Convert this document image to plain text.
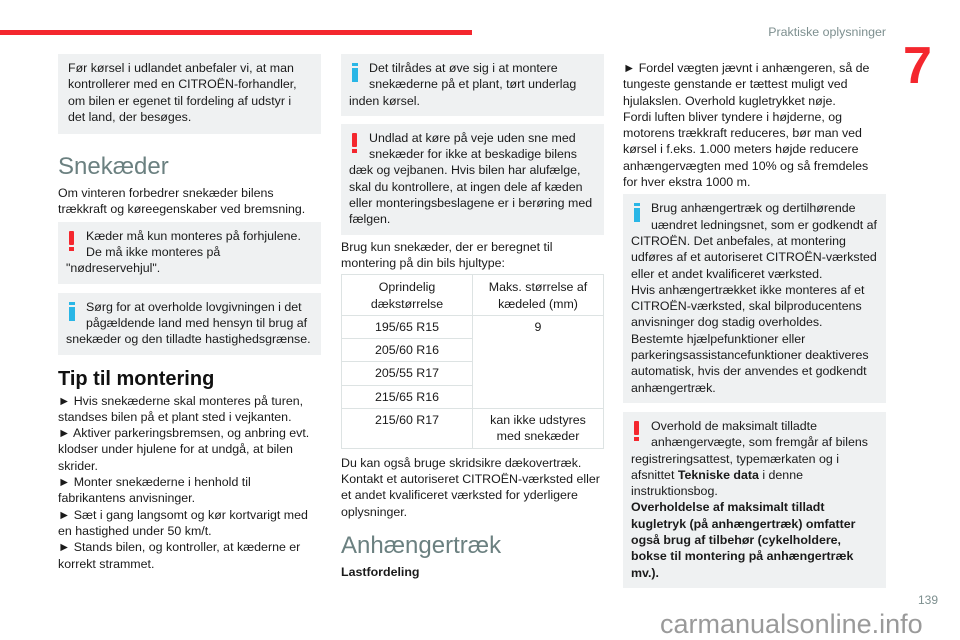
Praktiske oplysninger
7
Før kørsel i udlandet anbefaler vi, at man kontrollerer med en CITROËN-forhandler, om bilen er egenet til fordeling af udstyr i det land, der besøges.
Snekæder
Om vinteren forbedrer snekæder bilens trækkraft og køreegenskaber ved bremsning.
Kæder må kun monteres på forhjulene. De må ikke monteres på "nødreservehjul".
Sørg for at overholde lovgivningen i det pågældende land med hensyn til brug af snekæder og den tilladte hastighedsgrænse.
Tip til montering
► Hvis snekæderne skal monteres på turen, standses bilen på et plant sted i vejkanten.
► Aktiver parkeringsbremsen, og anbring evt. klodser under hjulene for at undgå, at bilen skrider.
► Monter snekæderne i henhold til fabrikantens anvisninger.
► Sæt i gang langsomt og kør kortvarigt med en hastighed under 50 km/t.
► Stands bilen, og kontroller, at kæderne er korrekt strammet.
Det tilrådes at øve sig i at montere snekæderne på et plant, tørt underlag inden kørsel.
Undlad at køre på veje uden sne med snekæder for ikke at beskadige bilens dæk og vejbanen. Hvis bilen har alufælge, skal du kontrollere, at ingen dele af kæden eller monteringsbeslagene er i berøring med fælgen.
Brug kun snekæder, der er beregnet til montering på din bils hjultype:
Oprindelig dækstørrelse	Maks. størrelse af kædeled (mm)
195/65 R15	9
205/60 R16	
205/55 R17	
215/65 R16	
215/60 R17	kan ikke udstyres med snekæder
Du kan også bruge skridsikre dækovertræk. Kontakt et autoriseret CITROËN-værksted eller et andet kvalificeret værksted for yderligere oplysninger.
Anhængertræk
Lastfordeling
► Fordel vægten jævnt i anhængeren, så de tungeste genstande er tættest muligt ved hjulakslen. Overhold kugletrykket nøje.
Fordi luften bliver tyndere i højderne, og motorens trækkraft reduceres, bør man ved kørsel i f.eks. 1.000 meters højde reducere anhængervægten med 10% og så fremdeles for hver ekstra 1000 m.
Brug anhængertræk og dertilhørende uændret ledningsnet, som er godkendt af CITROËN. Det anbefales, at montering udføres af et autoriseret CITROËN-værksted eller et andet kvalificeret værksted.
Hvis anhængertrækket ikke monteres af et CITROËN-værksted, skal bilproducentens anvisninger dog stadig overholdes.
Bestemte hjælpefunktioner eller parkeringsassistancefunktioner deaktiveres automatisk, hvis der anvendes et godkendt anhængertræk.
Overhold de maksimalt tilladte anhængervægte, som fremgår af bilens registreringsattest, typemærkaten og i afsnittet Tekniske data i denne instruktionsbog.
Overholdelse af maksimalt tilladt kugletryk (på anhængertræk) omfatter også brug af tilbehør (cykelholdere, bokse til montering på anhængertræk mv.).
139
carmanualsonline.info
